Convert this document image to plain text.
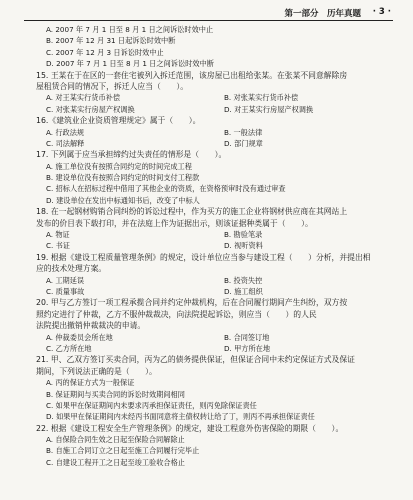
第一部分　历年真题 · 3 ·
A. 2007 年 7 月 1 日至 8 月 1 日之间诉讼时效中止
B. 2007 年 12 月 31 日起诉讼时效中断
C. 2007 年 12 月 3 日诉讼时效中止
D. 2007 年 7 月 1 日至 8 月 1 日之间诉讼时效中断
15. 王某在于在区的一套住宅被列入拆迁范围，该房屋已出租给张某。在张某不同意解除房
屋租赁合同的情况下，拆迁人应当（　　）。
A. 对王某实行货币补偿	B. 对张某实行货币补偿
C. 对张某实行房屋产权调换	D. 对王某实行房屋产权调换
16.《建筑业企业资质管理规定》属于（　　）。
A. 行政法规	B. 一般法律
C. 司法解释	D. 部门规章
17. 下列属于应当承担缔约过失责任的情形是（　　）。
A. 施工单位没有按照合同约定的时间完成工程
B. 建设单位没有按照合同约定的时间支付工程款
C. 招标人在招标过程中借用了其他企业的资质，在资格预审时没有通过审查
D. 建设单位在发出中标通知书后，改变了中标人
18. 在一起钢材购销合同纠纷的诉讼过程中，作为买方的施工企业将钢材供应商在其网站上
发布的价目表下载打印，并在法庭上作为证据出示，则该证据种类属于（　　）。
A. 物证	B. 勘验笔录
C. 书证	D. 视听资料
19. 根据《建设工程质量管理条例》的规定，设计单位应当参与建设工程（　　）分析，并提出相
应的技术处理方案。
A. 工期延误	B. 投资失控
C. 质量事故	D. 施工组织
20. 甲与乙方签订一项工程承揽合同并约定仲裁机构，后在合同履行期间产生纠纷，双方按
照约定进行了仲裁，乙方不服仲裁裁决，向法院提起诉讼，则应当（　　）的人民
法院提出撤销仲裁裁决的申请。
A. 仲裁委员会所在地	B. 合同签订地
C. 乙方所在地	D. 甲方所在地
21. 甲、乙双方签订买卖合同，丙为乙的债务提供保证，但保证合同中未约定保证方式及保证
期间，下列说法正确的是（　　）。
A. 丙的保证方式为一般保证
B. 保证期间与买卖合同的诉讼时效期间相同
C. 如果甲在保证期间内未要求丙承担保证责任，则丙免除保证责任
D. 如果甲在保证期间内未经丙书面同意将主债权转让给了丁，则丙不再承担保证责任
22. 根据《建设工程安全生产管理条例》的规定，建设工程意外伤害保险的期限（　　）。
A. 自保险合同生效之日起至保险合同解除止
B. 自施工合同订立之日起至施工合同履行完毕止
C. 自建设工程开工之日起至竣工验收合格止
